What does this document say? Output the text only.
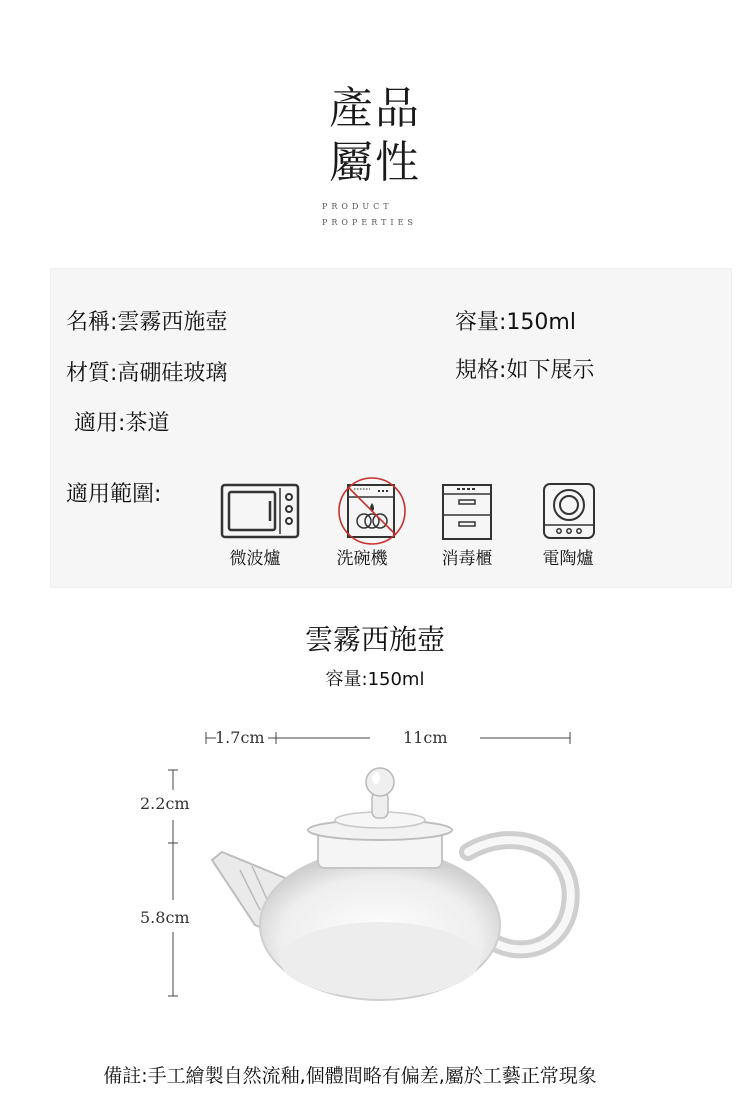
產品
屬性
PRODUCT
PROPERTIES
名稱:雲霧西施壺	容量:150ml
材質:高硼硅玻璃	規格:如下展示
適用:茶道
適用範圍:
微波爐	洗碗機	消毒櫃	電陶爐
雲霧西施壺
容量:150ml
1.7cm	11cm
2.2cm
5.8cm
備註:手工繪製自然流釉,個體間略有偏差,屬於工藝正常現象
